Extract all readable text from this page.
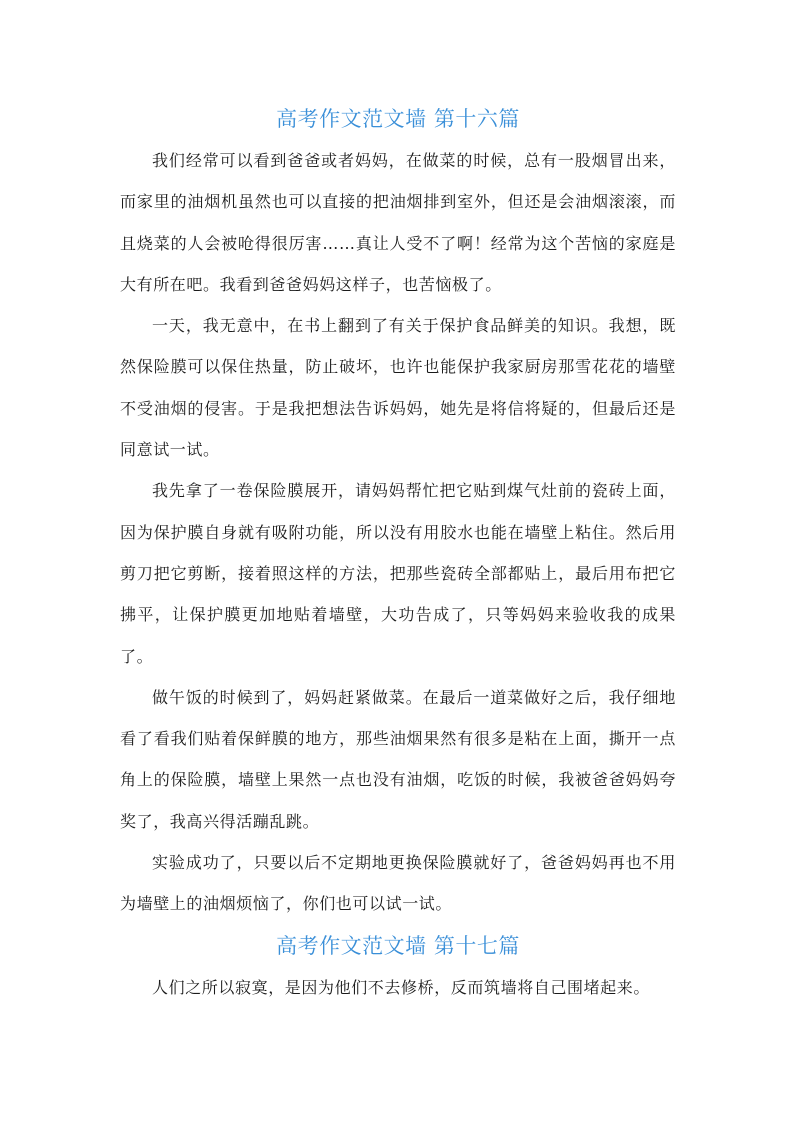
高考作文范文墙 第十六篇

我们经常可以看到爸爸或者妈妈，在做菜的时候，总有一股烟冒出来，而家里的油烟机虽然也可以直接的把油烟排到室外，但还是会油烟滚滚，而且烧菜的人会被呛得很厉害……真让人受不了啊！经常为这个苦恼的家庭是大有所在吧。我看到爸爸妈妈这样子，也苦恼极了。

一天，我无意中，在书上翻到了有关于保护食品鲜美的知识。我想，既然保险膜可以保住热量，防止破坏，也许也能保护我家厨房那雪花花的墙壁不受油烟的侵害。于是我把想法告诉妈妈，她先是将信将疑的，但最后还是同意试一试。

我先拿了一卷保险膜展开，请妈妈帮忙把它贴到煤气灶前的瓷砖上面，因为保护膜自身就有吸附功能，所以没有用胶水也能在墙壁上粘住。然后用剪刀把它剪断，接着照这样的方法，把那些瓷砖全部都贴上，最后用布把它拂平，让保护膜更加地贴着墙壁，大功告成了，只等妈妈来验收我的成果了。

做午饭的时候到了，妈妈赶紧做菜。在最后一道菜做好之后，我仔细地看了看我们贴着保鲜膜的地方，那些油烟果然有很多是粘在上面，撕开一点角上的保险膜，墙壁上果然一点也没有油烟，吃饭的时候，我被爸爸妈妈夸奖了，我高兴得活蹦乱跳。

实验成功了，只要以后不定期地更换保险膜就好了，爸爸妈妈再也不用为墙壁上的油烟烦恼了，你们也可以试一试。

高考作文范文墙 第十七篇

人们之所以寂寞，是因为他们不去修桥，反而筑墙将自己围堵起来。
